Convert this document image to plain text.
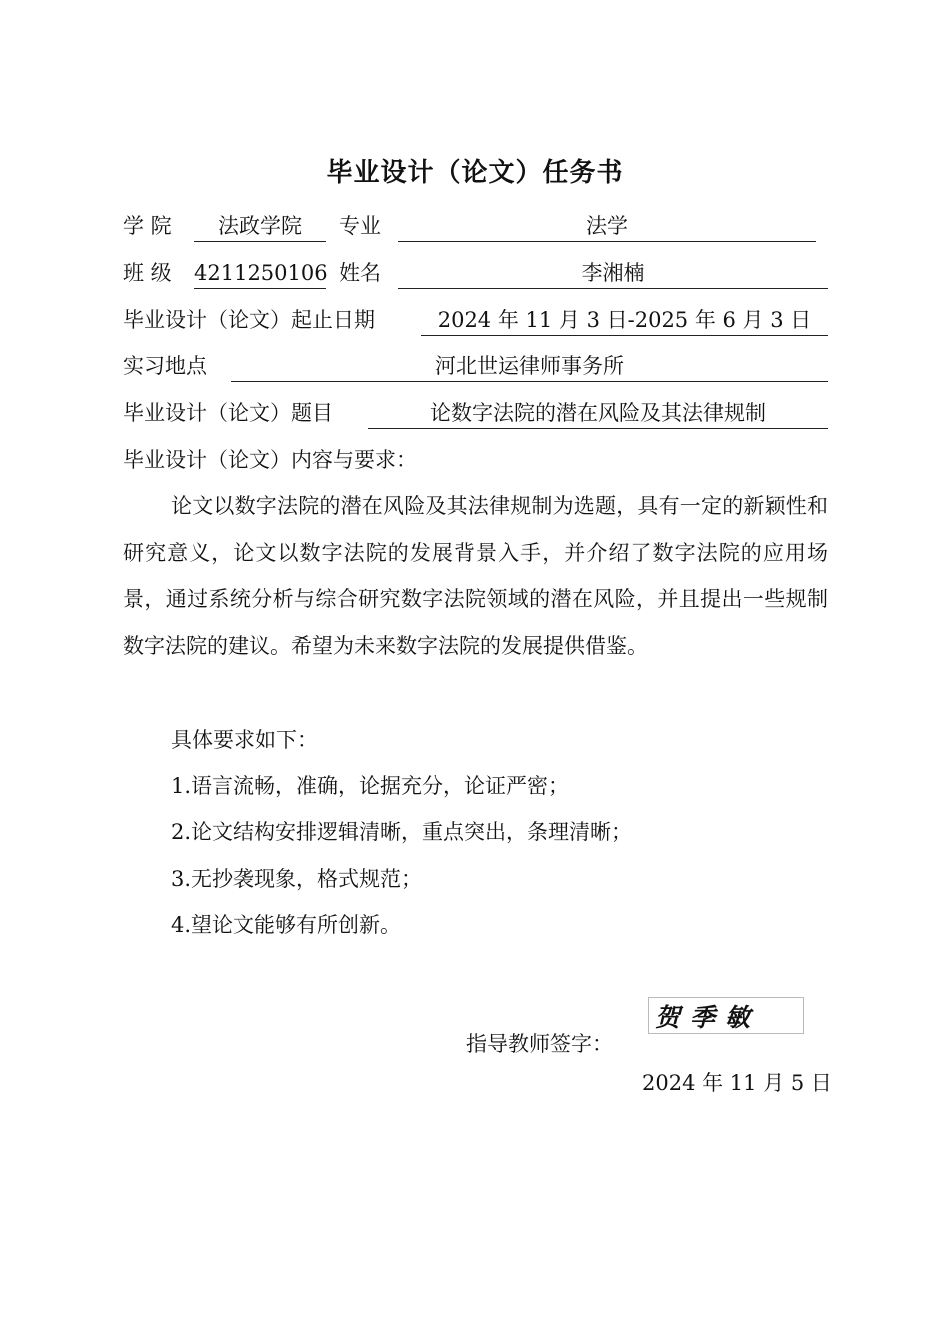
毕业设计（论文）任务书
学 院	法政学院	专业	法学
班 级 4211250106 姓名	李湘楠
毕业设计（论文）起止日期	2024 年 11 月 3 日-2025 年 6 月 3 日
实习地点	河北世运律师事务所
毕业设计（论文）题目	论数字法院的潜在风险及其法律规制
毕业设计（论文）内容与要求：
论文以数字法院的潜在风险及其法律规制为选题，具有一定的新颖性和研究意义，论文以数字法院的发展背景入手，并介绍了数字法院的应用场景，通过系统分析与综合研究数字法院领域的潜在风险，并且提出一些规制数字法院的建议。希望为未来数字法院的发展提供借鉴。
具体要求如下：
1.语言流畅，准确，论据充分，论证严密；
2.论文结构安排逻辑清晰，重点突出，条理清晰；
3.无抄袭现象，格式规范；
4.望论文能够有所创新。
指导教师签字：
贺季敏
2024 年 11 月 5 日
